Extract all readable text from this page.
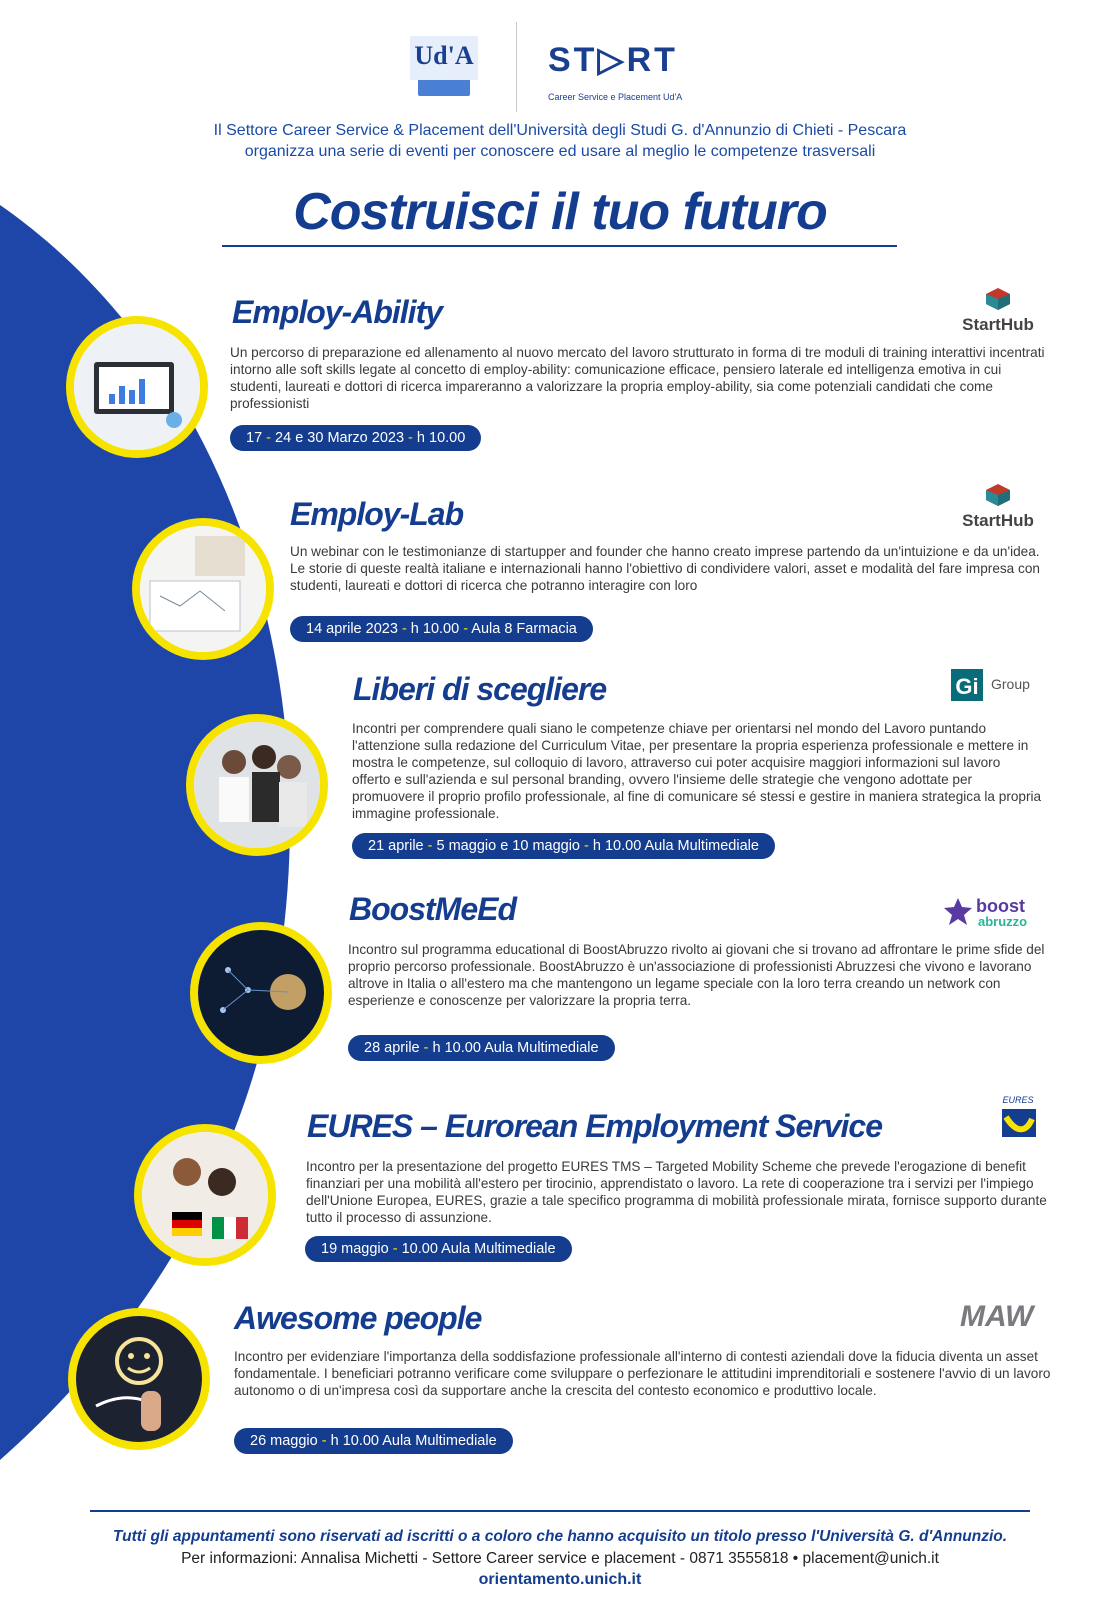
Ud'A ST▷RT
Career Service e Placement Ud'A
Il Settore Career Service & Placement dell'Università degli Studi G. d'Annunzio di Chieti - Pescara
organizza una serie di eventi per conoscere ed usare al meglio le competenze trasversali
Costruisci il tuo futuro
Employ-Ability	StartHub
Un percorso di preparazione ed allenamento al nuovo mercato del lavoro strutturato in forma di tre moduli di training interattivi incentrati intorno alle soft skills legate al concetto di employ-ability: comunicazione efficace, pensiero laterale ed intelligenza emotiva in cui studenti, laureati e dottori di ricerca impareranno a valorizzare la propria employ-ability, sia come potenziali candidati che come professionisti
17 - 24 e 30 Marzo 2023 - h 10.00
Employ-Lab	StartHub
Un webinar con le testimonianze di startupper and founder che hanno creato imprese partendo da un'intuizione e da un'idea. Le storie di queste realtà italiane e internazionali hanno l'obiettivo di condividere valori, asset e modalità del fare impresa con studenti, laureati e dottori di ricerca che potranno interagire con loro
14 aprile 2023 - h 10.00 - Aula 8 Farmacia
Liberi di scegliere	Gi Group
Incontri per comprendere quali siano le competenze chiave per orientarsi nel mondo del Lavoro puntando l'attenzione sulla redazione del Curriculum Vitae, per presentare la propria esperienza professionale e mettere in mostra le competenze, sul colloquio di lavoro, attraverso cui poter acquisire maggiori informazioni sul lavoro offerto e sull'azienda e sul personal branding, ovvero l'insieme delle strategie che vengono adottate per promuovere il proprio profilo professionale, al fine di comunicare sé stessi e gestire in maniera strategica la propria immagine professionale.
21 aprile - 5 maggio e 10 maggio - h 10.00 Aula Multimediale
BoostMeEd	boost
abruzzo
Incontro sul programma educational di BoostAbruzzo rivolto ai giovani che si trovano ad affrontare le prime sfide del proprio percorso professionale. BoostAbruzzo è un'associazione di professionisti Abruzzesi che vivono e lavorano altrove in Italia o all'estero ma che mantengono un legame speciale con la loro terra creando un network con esperienze e conoscenze per valorizzare la propria terra.
28 aprile - h 10.00 Aula Multimediale
EURES – Eurorean Employment Service
EURES
Incontro per la presentazione del progetto EURES TMS – Targeted Mobility Scheme che prevede l'erogazione di benefit finanziari per una mobilità all'estero per tirocinio, apprendistato o lavoro. La rete di cooperazione tra i servizi per l'impiego dell'Unione Europea, EURES, grazie a tale specifico programma di mobilità professionale mirata, fornisce supporto durante tutto il processo di assunzione.
19 maggio - 10.00 Aula Multimediale
Awesome people	MAW
Incontro per evidenziare l'importanza della soddisfazione professionale all'interno di contesti aziendali dove la fiducia diventa un asset fondamentale. I beneficiari potranno verificare come sviluppare o perfezionare le attitudini imprenditoriali e sostenere l'avvio di un lavoro autonomo o di un'impresa così da supportare anche la crescita del contesto economico e produttivo locale.
26 maggio - h 10.00 Aula Multimediale
Tutti gli appuntamenti sono riservati ad iscritti o a coloro che hanno acquisito un titolo presso l'Università G. d'Annunzio.
Per informazioni: Annalisa Michetti - Settore Career service e placement - 0871 3555818 • placement@unich.it
orientamento.unich.it
